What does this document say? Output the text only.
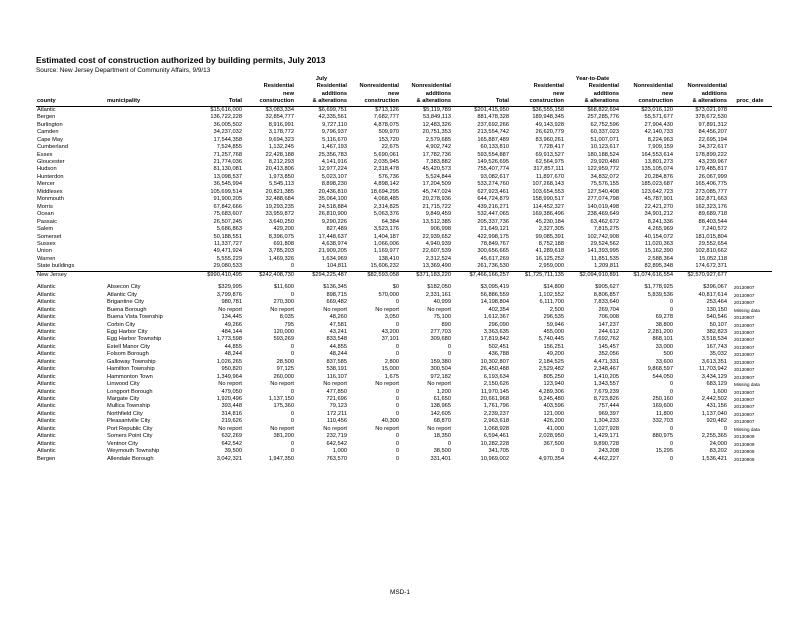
Estimated cost of construction authorized by building permits, July 2013
Source: New Jersey Department of Community Affairs, 9/9/13
				July					Year-to-Date			
			Residential	Residential	Nonresidential	Nonresidential		Residential	Residential	Nonresidential	Nonresidential	
			new	additions	new	additions		new	additions	new	additions	
county	municipality	Total	construction	& alterations	construction	& alterations	Total	construction	& alterations	construction	& alterations	proc_date
Atlantic		$15,616,000	$3,083,334	$6,699,751	$713,126	$5,119,789	$201,415,950	$36,555,158	$68,822,694	$23,016,120	$73,021,978	
Bergen		136,722,228	32,854,777	42,335,561	7,682,777	53,849,113	881,478,328	189,948,345	257,285,776	55,571,677	378,672,530	
Burlington		36,005,502	8,916,991	9,727,110	4,878,075	12,483,326	237,692,266	49,143,928	62,752,596	27,904,430	97,891,312	
Camden		34,237,032	3,178,772	9,796,937	509,970	20,751,353	213,554,742	26,620,779	60,337,023	42,140,733	84,456,207	
Cape May		17,544,358	9,694,323	5,116,670	153,720	2,579,685	165,887,489	83,960,261	51,007,071	8,224,963	22,695,194	
Cumberland		7,524,855	1,132,245	1,467,193	22,675	4,902,742	60,133,810	7,728,417	10,123,617	7,909,159	34,372,617	
Essex		71,257,768	22,428,188	25,356,783	5,690,061	17,782,736	593,554,887	69,913,527	180,188,524	164,553,614	178,899,222	
Gloucester		21,774,036	8,212,293	4,141,916	2,035,945	7,383,882	149,526,695	62,564,975	29,920,480	13,801,273	43,239,967	
Hudson		81,130,081	20,413,806	12,977,224	2,318,478	45,420,573	755,407,774	317,857,111	122,959,772	135,105,074	179,485,817	
Hunterdon		13,098,537	1,973,850	5,023,107	576,736	5,524,844	93,082,617	11,897,670	34,832,072	20,284,876	26,067,999	
Mercer		36,545,994	5,545,113	8,898,230	4,898,142	17,204,509	533,274,760	107,268,143	75,576,155	185,023,687	165,406,775	
Middlesex		105,699,514	20,821,385	20,436,810	18,694,295	45,747,024	627,923,461	103,654,553	127,540,408	123,642,723	273,085,777	
Monmouth		91,900,205	32,488,684	35,064,100	4,068,485	20,278,936	644,724,879	158,990,517	277,074,798	45,787,901	162,871,663	
Morris		67,842,666	19,293,235	24,518,884	2,314,825	21,715,722	439,216,271	114,452,327	140,019,498	22,421,270	162,323,176	
Ocean		75,683,607	33,959,872	26,810,900	5,063,376	9,849,459	532,447,065	169,386,496	238,469,649	34,901,212	89,689,718	
Passaic		26,507,245	3,640,250	9,290,226	64,384	13,512,385	205,337,736	45,230,184	63,462,672	8,241,336	88,403,544	
Salem		5,686,863	429,200	827,489	3,523,176	906,998	21,649,121	2,327,305	7,815,275	4,265,969	7,240,572	
Somerset		50,188,551	8,396,075	17,448,637	1,404,187	22,939,652	422,998,175	99,085,391	102,742,908	40,154,072	181,015,804	
Sussex		11,337,727	691,808	4,638,974	1,066,006	4,940,939	78,849,767	8,752,188	29,524,562	11,020,363	29,552,654	
Union		49,471,924	3,785,203	21,909,205	1,169,977	22,607,539	300,656,665	41,289,618	141,393,995	15,162,390	102,810,662	
Warren		5,555,229	1,469,326	1,634,969	138,410	2,312,524	45,617,269	16,125,252	11,851,535	2,588,364	15,052,118	
State buildings		29,080,533	0	104,811	15,606,232	13,369,490	261,736,530	2,959,000	1,209,811	82,895,348	174,672,371	
New Jersey		$990,410,495	$242,408,730	$294,225,487	$82,593,058	$371,183,220	$7,466,166,257	$1,725,711,135	$2,094,910,891	$1,074,616,554	$2,570,927,677	

Atlantic	Absecon City	$329,995	$11,600	$136,345	$0	$182,050	$3,095,419	$14,800	$905,627	$1,778,925	$396,067	20130907
Atlantic	Atlantic City	3,799,876	0	898,715	570,000	2,331,161	56,886,559	1,102,552	8,806,857	5,839,536	40,817,614	20130907
Atlantic	Brigantine City	980,781	270,300	669,482	0	40,999	14,198,804	6,111,700	7,833,640	0	253,464	20130907
Atlantic	Buena Borough	No report	No report	No report	No report	No report	402,354	2,500	269,704	0	130,150	Missing data
Atlantic	Buena Vista Township	134,445	8,035	48,260	3,050	75,100	1,612,367	296,535	706,008	69,278	540,546	20130907
Atlantic	Corbin City	49,266	795	47,581	0	890	296,090	59,946	147,237	38,800	50,107	20130907
Atlantic	Egg Harbor City	484,144	120,000	43,241	43,200	277,703	3,363,635	455,000	244,612	2,281,200	382,823	20130907
Atlantic	Egg Harbor Township	1,773,598	593,269	833,548	37,101	309,680	17,819,842	5,740,445	7,692,762	868,101	3,518,534	20130907
Atlantic	Estell Manor City	44,855	0	44,855	0	0	502,451	156,251	145,457	33,000	167,743	20130907
Atlantic	Folsom Borough	48,244	0	48,244	0	0	436,788	49,200	352,056	500	35,032	20130907
Atlantic	Galloway Township	1,026,265	28,500	837,585	2,800	159,380	10,302,807	2,184,525	4,471,331	33,600	3,613,351	20130907
Atlantic	Hamilton Township	950,820	97,125	538,191	15,000	300,504	26,450,488	2,529,482	2,348,467	9,868,597	11,703,942	20130907
Atlantic	Hammonton Town	1,349,964	260,000	116,107	1,675	972,182	6,193,634	805,250	1,410,205	544,050	3,434,129	20130907
Atlantic	Linwood City	No report	No report	No report	No report	No report	2,150,626	123,940	1,343,557	0	683,129	Missing data
Atlantic	Longport Borough	479,050	0	477,850	0	1,200	11,970,145	4,289,306	7,679,239	0	1,600	20130907
Atlantic	Margate City	1,920,496	1,137,150	721,696	0	61,650	20,661,968	9,245,480	8,723,826	250,160	2,442,502	20130907
Atlantic	Mullica Township	393,448	175,360	79,123	0	138,965	1,761,796	403,596	757,444	169,600	431,156	20130907
Atlantic	Northfield City	314,816	0	172,211	0	142,605	2,239,237	121,000	969,397	11,800	1,137,040	20130907
Atlantic	Pleasantville City	219,626	0	110,456	40,300	68,870	2,963,618	426,200	1,304,233	332,703	920,482	20130907
Atlantic	Port Republic City	No report	No report	No report	No report	No report	1,068,928	41,000	1,027,928	0	0	Missing data
Atlantic	Somers Point City	632,269	381,200	232,719	0	18,350	6,594,461	2,028,950	1,429,171	880,975	2,255,365	20130909
Atlantic	Ventnor City	642,542	0	642,542	0	0	10,282,228	367,500	9,890,728	0	24,000	20130909
Atlantic	Weymouth Township	39,500	0	1,000	0	38,500	341,705	0	243,208	15,295	83,202	20130909
Bergen	Allendale Borough	3,042,321	1,947,350	763,570	0	331,401	10,969,002	4,970,354	4,462,227	0	1,536,421	20130909
MSD-1
